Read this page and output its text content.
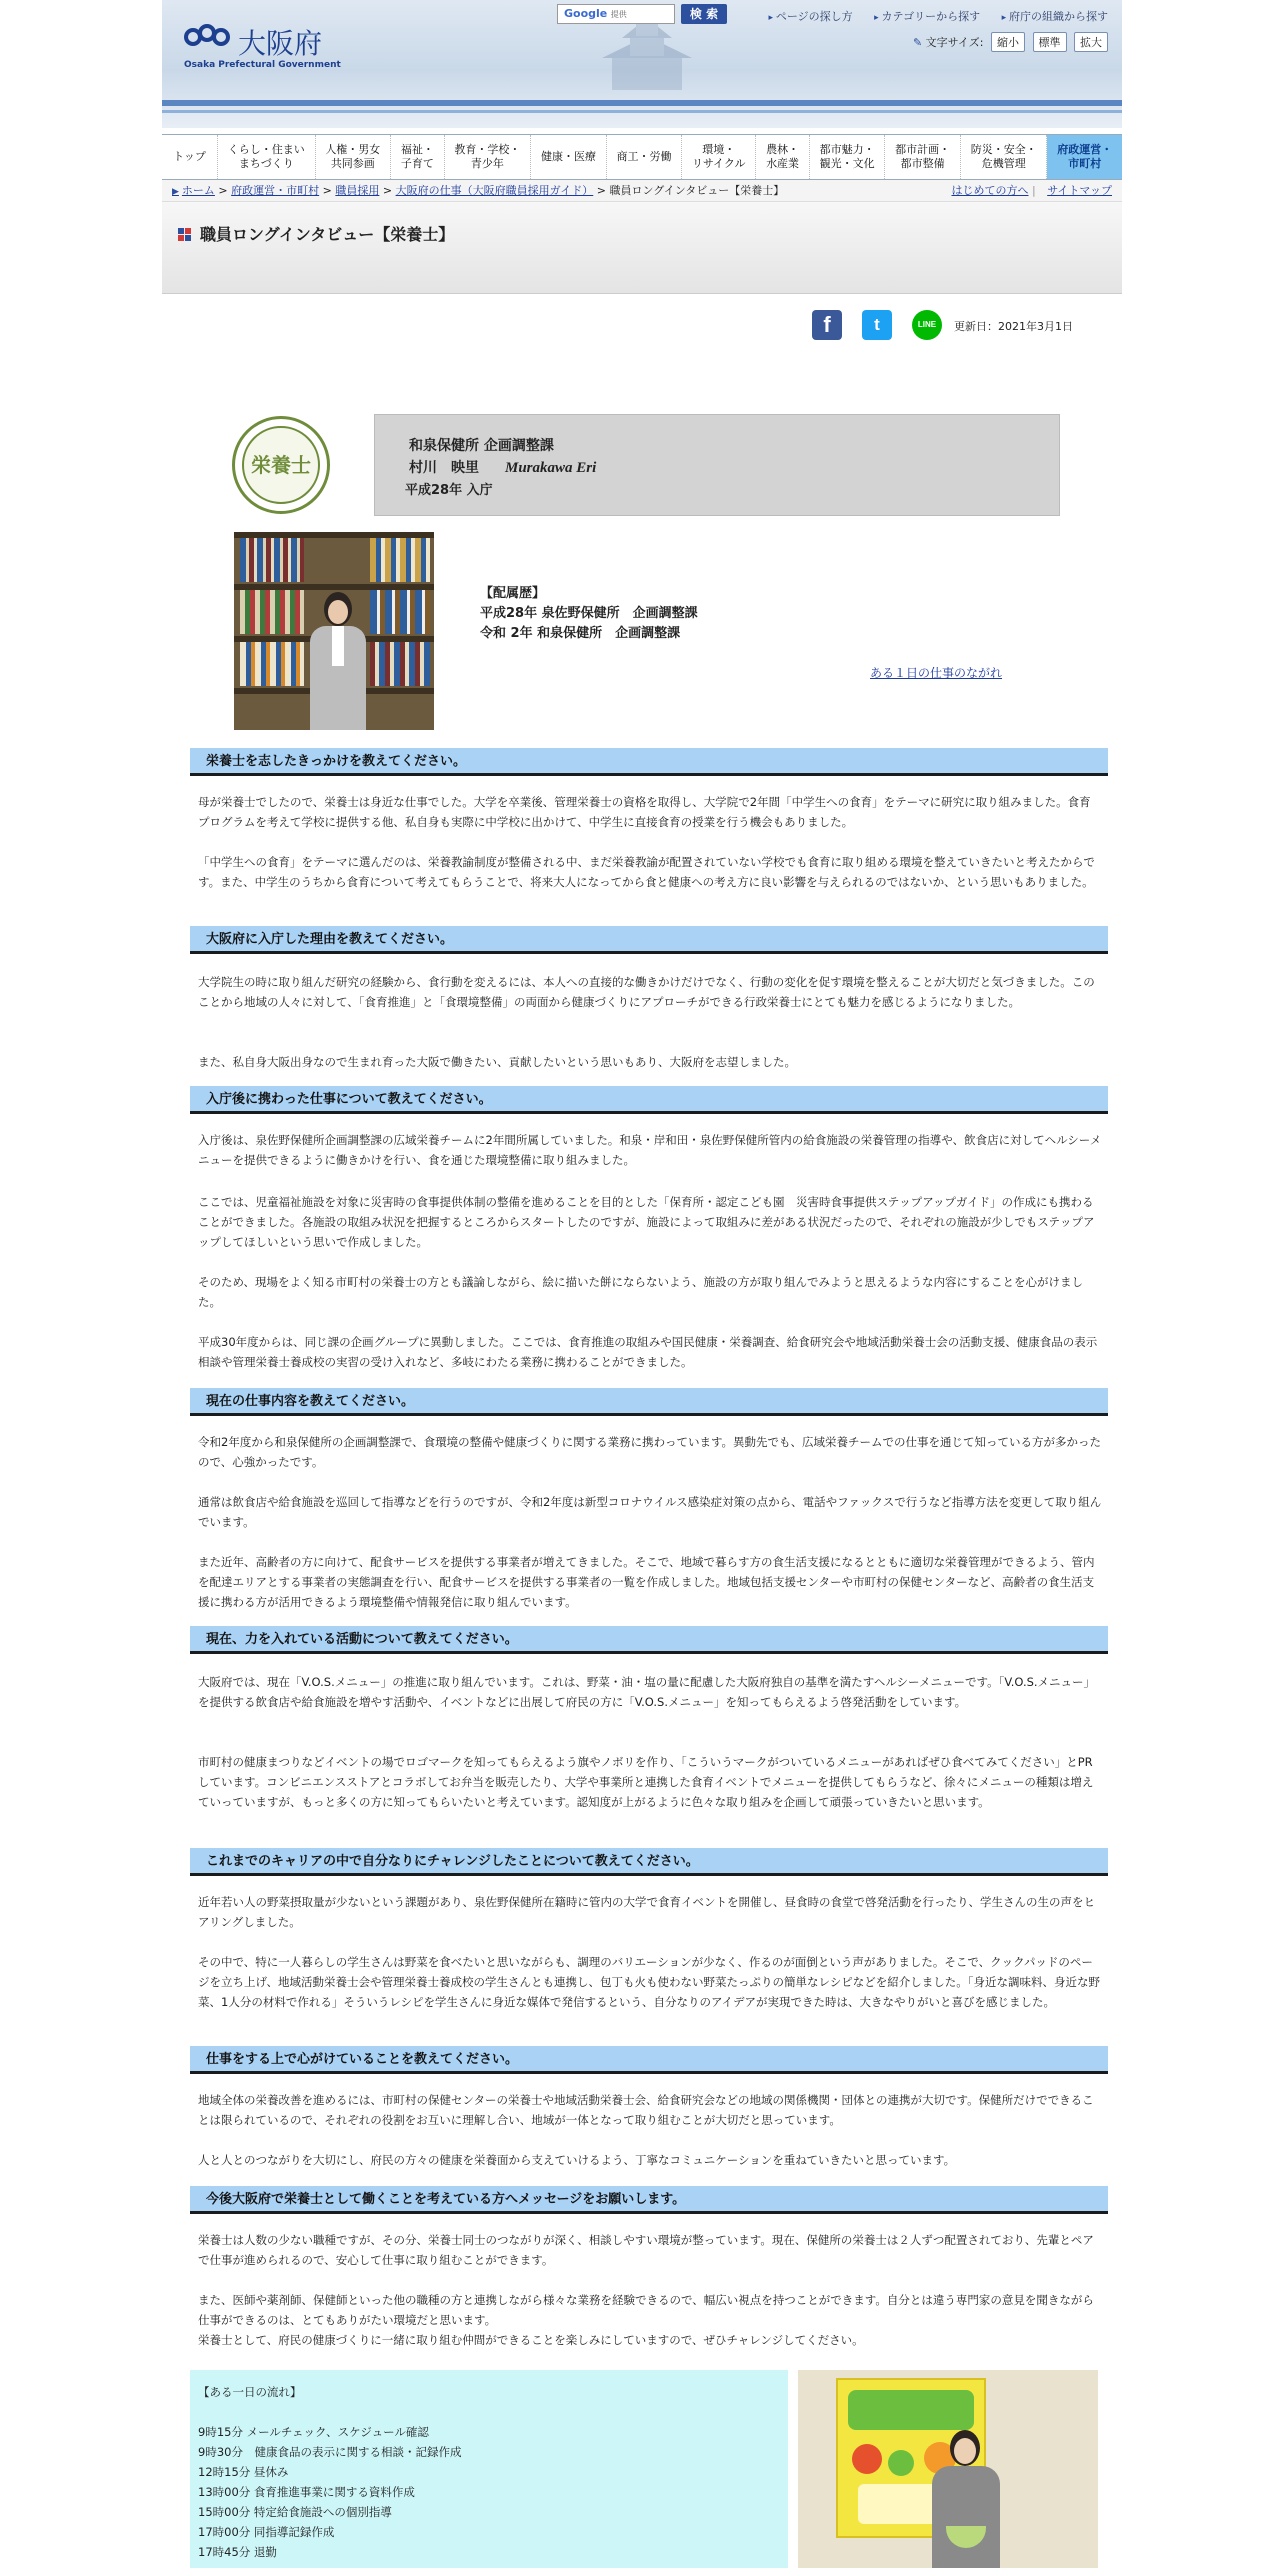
大阪府
Osaka Prefectural Government
Google 提供	検 索	▸ ページの探し方	▸ カテゴリーから探す	▸ 府庁の組織から探す
✎ 文字サイズ: 縮小 標準 拡大
トップ
くらし・住まい
まちづくり
人権・男女
共同参画
福祉・
子育て
教育・学校・
青少年
健康・医療	商工・労働
環境・
リサイクル
農林・
水産業
都市魅力・
観光・文化
都市計画・
都市整備
防災・安全・
危機管理
府政運営・
市町村
▶ ホーム > 府政運営・市町村 > 職員採用 > 大阪府の仕事（大阪府職員採用ガイド） > 職員ロングインタビュー【栄養士】	はじめての方へ | サイトマップ
職員ロングインタビュー【栄養士】
f	t	LINE	更新日：2021年3月1日
栄養士
和泉保健所 企画調整課
村川　映里 Murakawa Eri
平成28年 入庁
【配属歴】
平成28年 泉佐野保健所　企画調整課
令和 2年 和泉保健所　企画調整課
ある１日の仕事のながれ
栄養士を志したきっかけを教えてください。
母が栄養士でしたので、栄養士は身近な仕事でした。大学を卒業後、管理栄養士の資格を取得し、大学院で2年間「中学生への食育」をテーマに研究に取り組みました。食育プログラムを考えて学校に提供する他、私自身も実際に中学校に出かけて、中学生に直接食育の授業を行う機会もありました。
「中学生への食育」をテーマに選んだのは、栄養教諭制度が整備される中、まだ栄養教諭が配置されていない学校でも食育に取り組める環境を整えていきたいと考えたからです。また、中学生のうちから食育について考えてもらうことで、将来大人になってから食と健康への考え方に良い影響を与えられるのではないか、という思いもありました。
大阪府に入庁した理由を教えてください。
大学院生の時に取り組んだ研究の経験から、食行動を変えるには、本人への直接的な働きかけだけでなく、行動の変化を促す環境を整えることが大切だと気づきました。このことから地域の人々に対して、「食育推進」と「食環境整備」の両面から健康づくりにアプローチができる行政栄養士にとても魅力を感じるようになりました。
また、私自身大阪出身なので生まれ育った大阪で働きたい、貢献したいという思いもあり、大阪府を志望しました。
入庁後に携わった仕事について教えてください。
入庁後は、泉佐野保健所企画調整課の広域栄養チームに2年間所属していました。和泉・岸和田・泉佐野保健所管内の給食施設の栄養管理の指導や、飲食店に対してヘルシーメニューを提供できるように働きかけを行い、食を通じた環境整備に取り組みました。
ここでは、児童福祉施設を対象に災害時の食事提供体制の整備を進めることを目的とした「保育所・認定こども園　災害時食事提供ステップアップガイド」の作成にも携わることができました。各施設の取組み状況を把握するところからスタートしたのですが、施設によって取組みに差がある状況だったので、それぞれの施設が少しでもステップアップしてほしいという思いで作成しました。
そのため、現場をよく知る市町村の栄養士の方とも議論しながら、絵に描いた餅にならないよう、施設の方が取り組んでみようと思えるような内容にすることを心がけました。
平成30年度からは、同じ課の企画グループに異動しました。ここでは、食育推進の取組みや国民健康・栄養調査、給食研究会や地域活動栄養士会の活動支援、健康食品の表示相談や管理栄養士養成校の実習の受け入れなど、多岐にわたる業務に携わることができました。
現在の仕事内容を教えてください。
令和2年度から和泉保健所の企画調整課で、食環境の整備や健康づくりに関する業務に携わっています。異動先でも、広域栄養チームでの仕事を通じて知っている方が多かったので、心強かったです。
通常は飲食店や給食施設を巡回して指導などを行うのですが、令和2年度は新型コロナウイルス感染症対策の点から、電話やファックスで行うなど指導方法を変更して取り組んでいます。
また近年、高齢者の方に向けて、配食サービスを提供する事業者が増えてきました。そこで、地域で暮らす方の食生活支援になるとともに適切な栄養管理ができるよう、管内を配達エリアとする事業者の実態調査を行い、配食サービスを提供する事業者の一覧を作成しました。地域包括支援センターや市町村の保健センターなど、高齢者の食生活支援に携わる方が活用できるよう環境整備や情報発信に取り組んでいます。
現在、力を入れている活動について教えてください。
大阪府では、現在「V.O.S.メニュー」の推進に取り組んでいます。これは、野菜・油・塩の量に配慮した大阪府独自の基準を満たすヘルシーメニューです。「V.O.S.メニュー」を提供する飲食店や給食施設を増やす活動や、イベントなどに出展して府民の方に「V.O.S.メニュー」を知ってもらえるよう啓発活動をしています。
市町村の健康まつりなどイベントの場でロゴマークを知ってもらえるよう旗やノボリを作り、「こういうマークがついているメニューがあればぜひ食べてみてください」とPRしています。コンビニエンスストアとコラボしてお弁当を販売したり、大学や事業所と連携した食育イベントでメニューを提供してもらうなど、徐々にメニューの種類は増えていっていますが、もっと多くの方に知ってもらいたいと考えています。認知度が上がるように色々な取り組みを企画して頑張っていきたいと思います。
これまでのキャリアの中で自分なりにチャレンジしたことについて教えてください。
近年若い人の野菜摂取量が少ないという課題があり、泉佐野保健所在籍時に管内の大学で食育イベントを開催し、昼食時の食堂で啓発活動を行ったり、学生さんの生の声をヒアリングしました。
その中で、特に一人暮らしの学生さんは野菜を食べたいと思いながらも、調理のバリエーションが少なく、作るのが面倒という声がありました。そこで、クックパッドのページを立ち上げ、地域活動栄養士会や管理栄養士養成校の学生さんとも連携し、包丁も火も使わない野菜たっぷりの簡単なレシピなどを紹介しました。「身近な調味料、身近な野菜、1人分の材料で作れる」そういうレシピを学生さんに身近な媒体で発信するという、自分なりのアイデアが実現できた時は、大きなやりがいと喜びを感じました。
仕事をする上で心がけていることを教えてください。
地域全体の栄養改善を進めるには、市町村の保健センターの栄養士や地域活動栄養士会、給食研究会などの地域の関係機関・団体との連携が大切です。保健所だけでできることは限られているので、それぞれの役割をお互いに理解し合い、地域が一体となって取り組むことが大切だと思っています。
人と人とのつながりを大切にし、府民の方々の健康を栄養面から支えていけるよう、丁寧なコミュニケーションを重ねていきたいと思っています。
今後大阪府で栄養士として働くことを考えている方へメッセージをお願いします。
栄養士は人数の少ない職種ですが、その分、栄養士同士のつながりが深く、相談しやすい環境が整っています。現在、保健所の栄養士は２人ずつ配置されており、先輩とペアで仕事が進められるので、安心して仕事に取り組むことができます。
また、医師や薬剤師、保健師といった他の職種の方と連携しながら様々な業務を経験できるので、幅広い視点を持つことができます。自分とは違う専門家の意見を聞きながら仕事ができるのは、とてもありがたい環境だと思います。
栄養士として、府民の健康づくりに一緒に取り組む仲間ができることを楽しみにしていますので、ぜひチャレンジしてください。
【ある一日の流れ】
9時15分 メールチェック、スケジュール確認
9時30分　健康食品の表示に関する相談・記録作成
12時15分 昼休み
13時00分 食育推進事業に関する資料作成
15時00分 特定給食施設への個別指導
17時00分 同指導記録作成
17時45分 退勤
